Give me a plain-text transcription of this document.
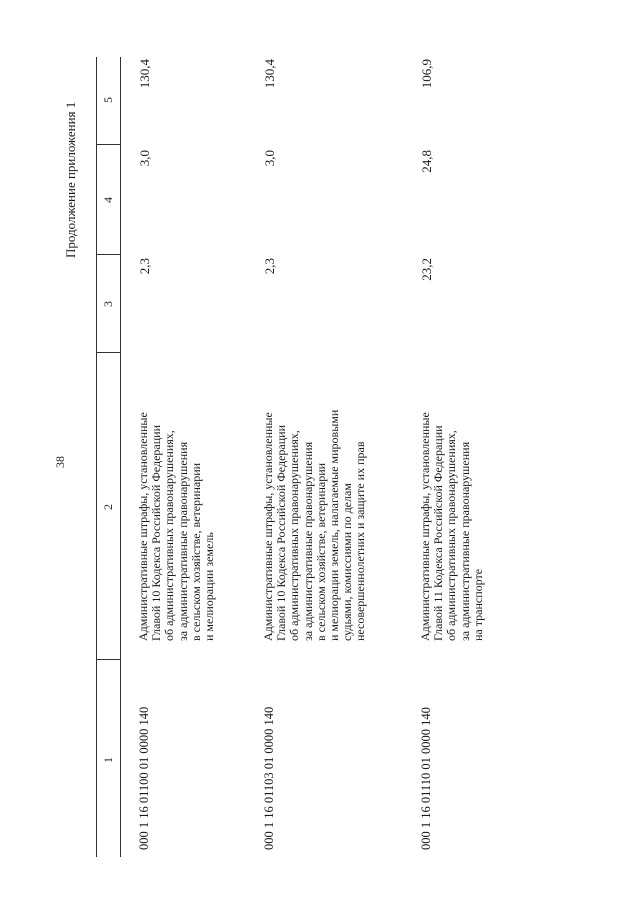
38
Продолжение приложения 1
1
2
3
4
5
000 1 16 01100 01 0000 140
Административные штрафы, установленные Главой 10 Кодекса Российской Федерации об административных правонарушениях, за административные правонарушения в сельском хозяйстве, ветеринарии и мелиорации земель
2,3
3,0
130,4
000 1 16 01103 01 0000 140
Административные штрафы, установленные Главой 10 Кодекса Российской Федерации об административных правонарушениях, за административные правонарушения в сельском хозяйстве, ветеринарии и мелиорации земель, налагаемые мировыми судьями, комиссиями по делам несовершеннолетних и защите их прав
2,3
3,0
130,4
000 1 16 01110 01 0000 140
Административные штрафы, установленные Главой 11 Кодекса Российской Федерации об административных правонарушениях, за административные правонарушения на транспорте
23,2
24,8
106,9
